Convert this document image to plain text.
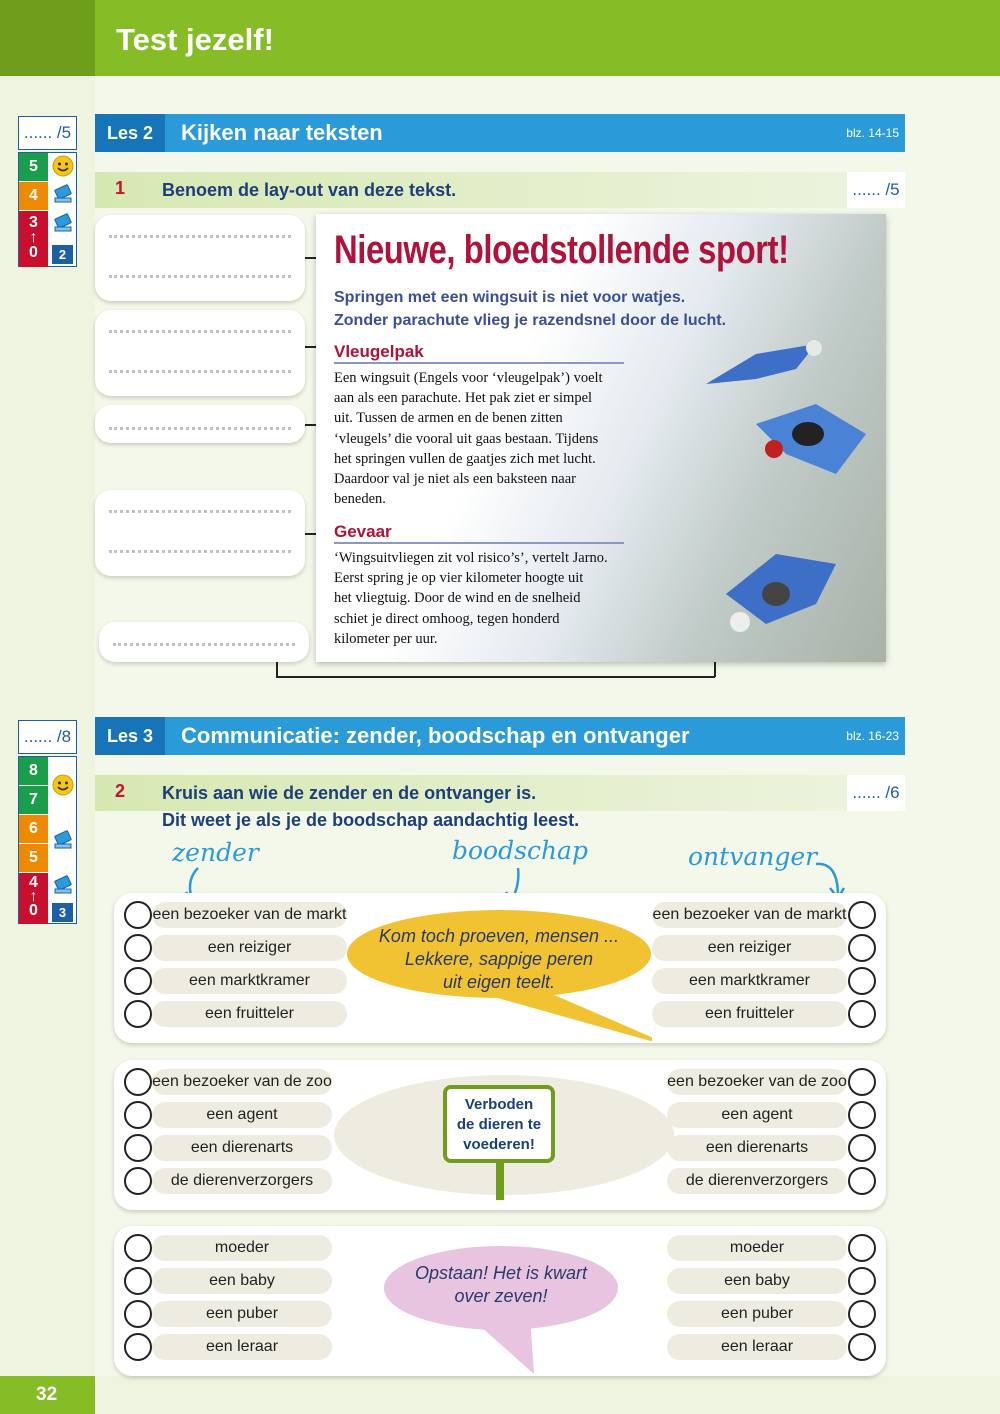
Test jezelf!
...... /5
5
4
3
↑
0	2
Les 2	Kijken naar teksten	blz. 14-15
1 Benoem de lay-out van deze tekst.	...... /5
Nieuwe, bloedstollende sport!
Springen met een wingsuit is niet voor watjes.
Zonder parachute vlieg je razendsnel door de lucht.
Vleugelpak
Een wingsuit (Engels voor ‘vleugelpak’) voelt
aan als een parachute. Het pak ziet er simpel
uit. Tussen de armen en de benen zitten
‘vleugels’ die vooral uit gaas bestaan. Tijdens
het springen vullen de gaatjes zich met lucht.
Daardoor val je niet als een baksteen naar
beneden.
Gevaar
‘Wingsuitvliegen zit vol risico’s’, vertelt Jarno.
Eerst spring je op vier kilometer hoogte uit
het vliegtuig. Door de wind en de snelheid
schiet je direct omhoog, tegen honderd
kilometer per uur.
...... /8
8
7
6
5
4
↑
0	3
Les 3	Communicatie: zender, boodschap en ontvanger	blz. 16-23
2 Kruis aan wie de zender en de ontvanger is.
Dit weet je als je de boodschap aandachtig leest.
...... /6
zender	boodschap	ontvanger
Kom toch proeven, mensen ...
Lekkere, sappige peren
uit eigen teelt.
Verboden
de dieren te
voederen!
Opstaan! Het is kwart
over zeven!
een bezoeker van de markt	een bezoeker van de markt
een reiziger	een reiziger
een marktkramer	een marktkramer
een fruitteler	een fruitteler
een bezoeker van de zoo	een bezoeker van de zoo
een agent	een agent
een dierenarts	een dierenarts
de dierenverzorgers	de dierenverzorgers
moeder	moeder
een baby	een baby
een puber	een puber
een leraar	een leraar
32
